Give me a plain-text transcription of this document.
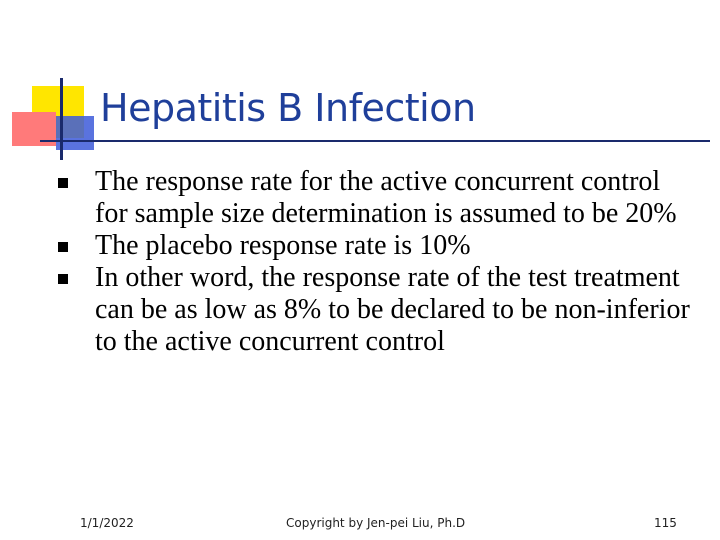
Hepatitis B Infection
The response rate for the active concurrent control for sample size determination is assumed to be 20%
The placebo response rate is 10%
In other word, the response rate of the test treatment can be as low as 8% to be declared to be non-inferior to the active concurrent control
1/1/2022	Copyright by Jen-pei Liu, Ph.D	115
